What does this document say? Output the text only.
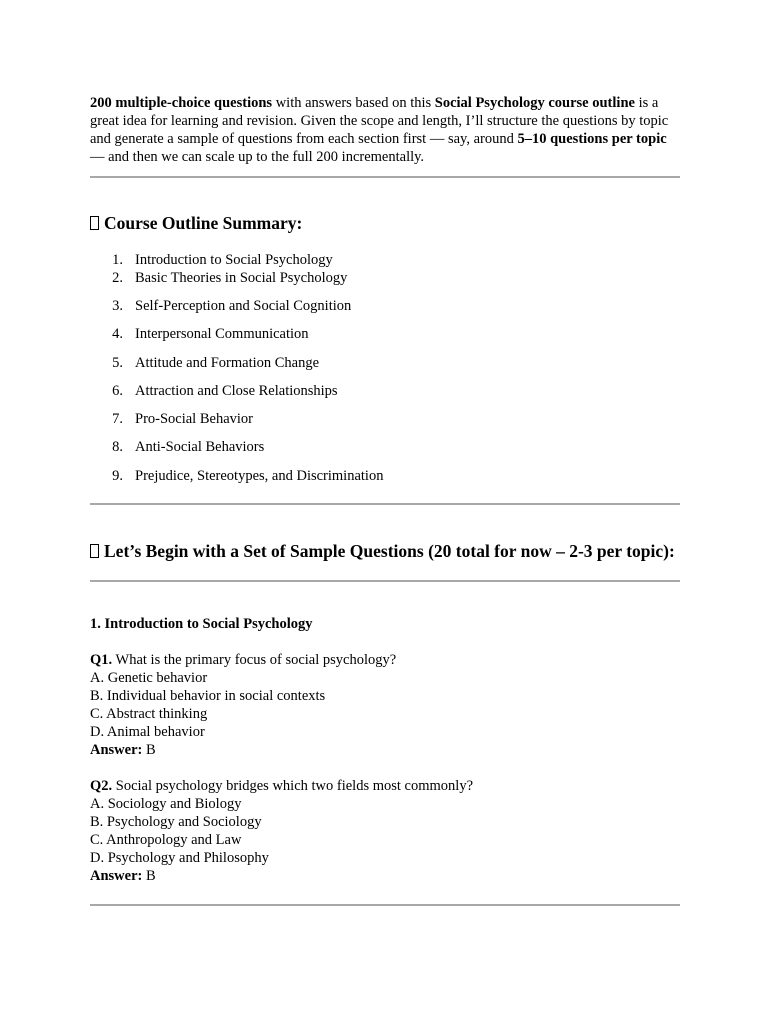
200 multiple-choice questions with answers based on this Social Psychology course outline is a great idea for learning and revision. Given the scope and length, I’ll structure the questions by topic and generate a sample of questions from each section first — say, around 5–10 questions per topic — and then we can scale up to the full 200 incrementally.

Course Outline Summary:
1. Introduction to Social Psychology
2. Basic Theories in Social Psychology
3. Self-Perception and Social Cognition
4. Interpersonal Communication
5. Attitude and Formation Change
6. Attraction and Close Relationships
7. Pro-Social Behavior
8. Anti-Social Behaviors
9. Prejudice, Stereotypes, and Discrimination
Let’s Begin with a Set of Sample Questions (20 total for now – 2-3 per topic):

1. Introduction to Social Psychology

Q1. What is the primary focus of social psychology?

A. Genetic behavior

B. Individual behavior in social contexts

C. Abstract thinking

D. Animal behavior

Answer: B

Q2. Social psychology bridges which two fields most commonly?

A. Sociology and Biology

B. Psychology and Sociology

C. Anthropology and Law

D. Psychology and Philosophy

Answer: B
